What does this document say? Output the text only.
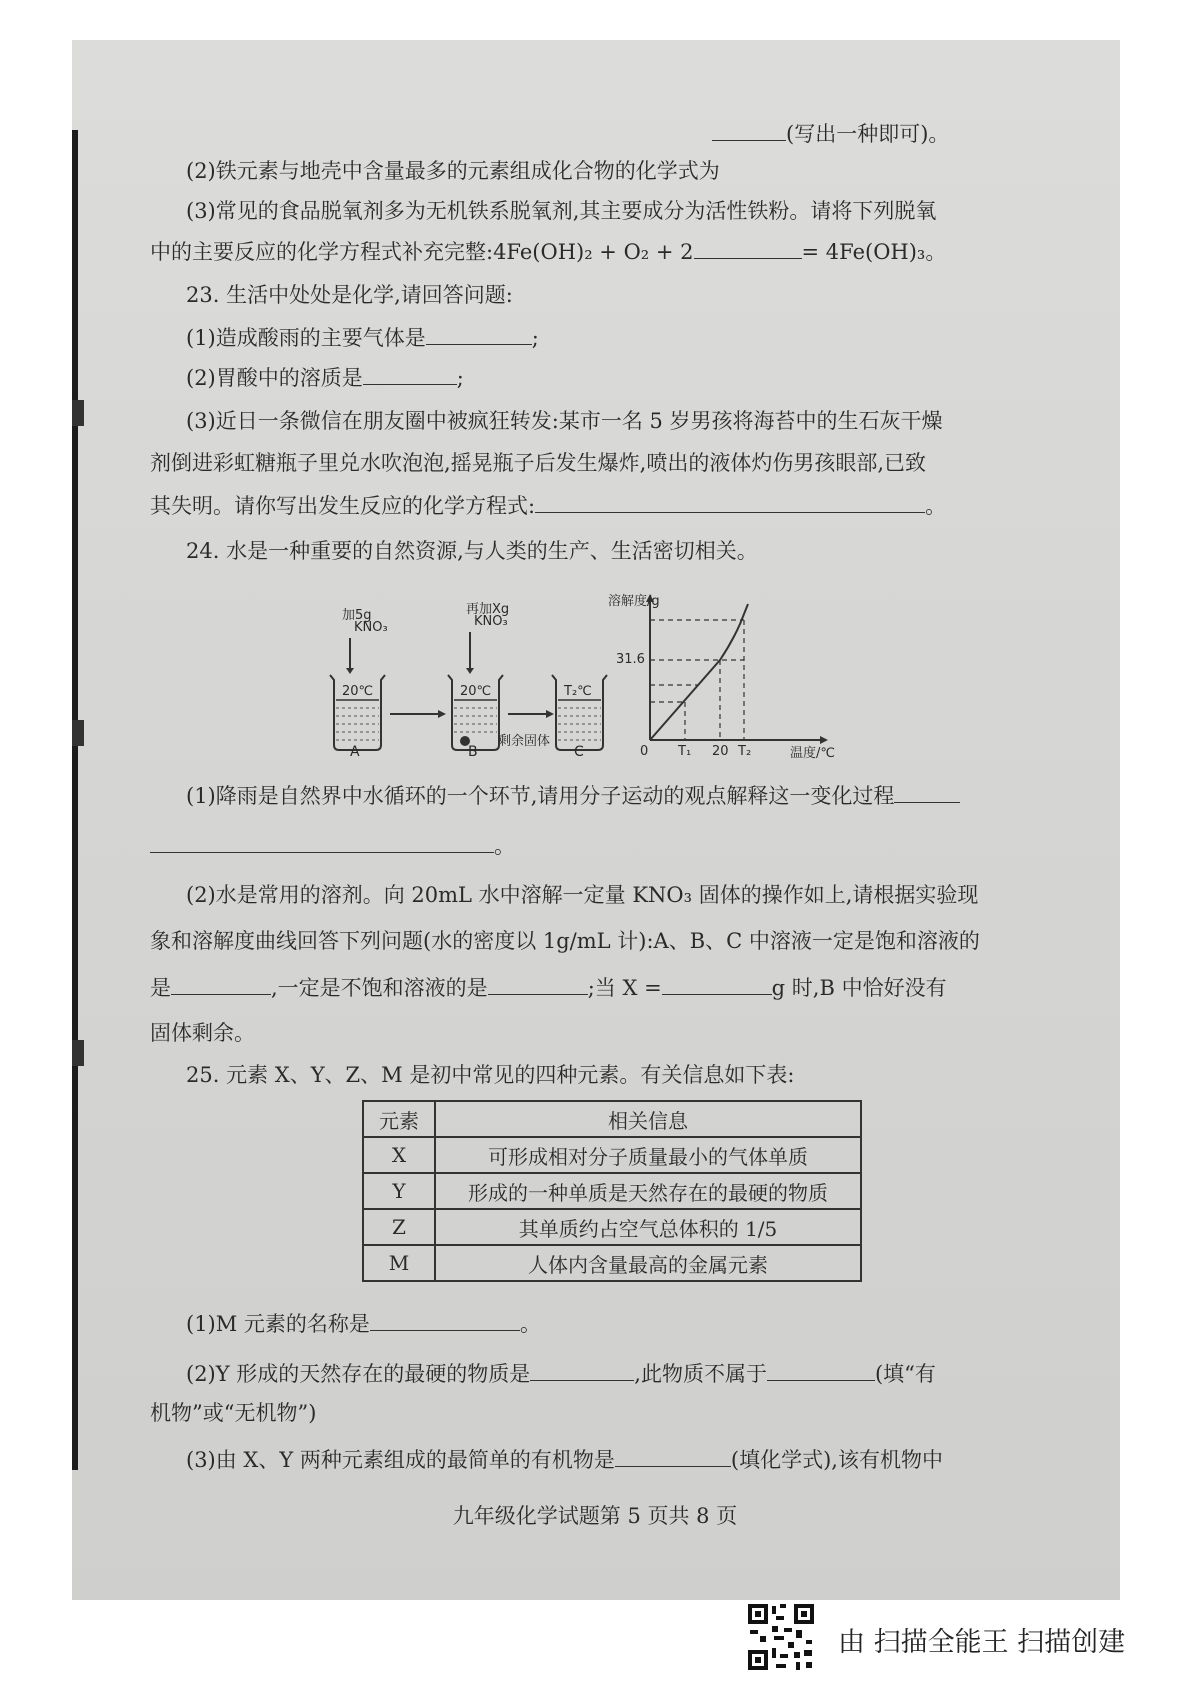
(写出一种即可)。
(2)铁元素与地壳中含量最多的元素组成化合物的化学式为
(3)常见的食品脱氧剂多为无机铁系脱氧剂,其主要成分为活性铁粉。请将下列脱氧
中的主要反应的化学方程式补充完整:4Fe(OH)₂ + O₂ + 2	= 4Fe(OH)₃。
23. 生活中处处是化学,请回答问题:
(1)造成酸雨的主要气体是	;
(2)胃酸中的溶质是	;
(3)近日一条微信在朋友圈中被疯狂转发:某市一名 5 岁男孩将海苔中的生石灰干燥
剂倒进彩虹糖瓶子里兑水吹泡泡,摇晃瓶子后发生爆炸,喷出的液体灼伤男孩眼部,已致
其失明。请你写出发生反应的化学方程式:	。
24. 水是一种重要的自然资源,与人类的生产、生活密切相关。
加5g
KNO₃
再加Xg
KNO₃
20℃	20℃	T₂℃
A	B	C
剩余固体
溶解度/g
31.6
温度/℃
0 T₁ 20 T₂
(1)降雨是自然界中水循环的一个环节,请用分子运动的观点解释这一变化过程
。
(2)水是常用的溶剂。向 20mL 水中溶解一定量 KNO₃ 固体的操作如上,请根据实验现
象和溶解度曲线回答下列问题(水的密度以 1g/mL 计):A、B、C 中溶液一定是饱和溶液的
是	,一定是不饱和溶液的是	;当 X =	g 时,B 中恰好没有
固体剩余。
25. 元素 X、Y、Z、M 是初中常见的四种元素。有关信息如下表:
元素	相关信息
X	可形成相对分子质量最小的气体单质
Y	形成的一种单质是天然存在的最硬的物质
Z	其单质约占空气总体积的 1/5
M	人体内含量最高的金属元素
(1)M 元素的名称是	。
(2)Y 形成的天然存在的最硬的物质是	,此物质不属于	(填“有
机物”或“无机物”)
(3)由 X、Y 两种元素组成的最简单的有机物是	(填化学式),该有机物中
九年级化学试题第 5 页共 8 页
由 扫描全能王 扫描创建
